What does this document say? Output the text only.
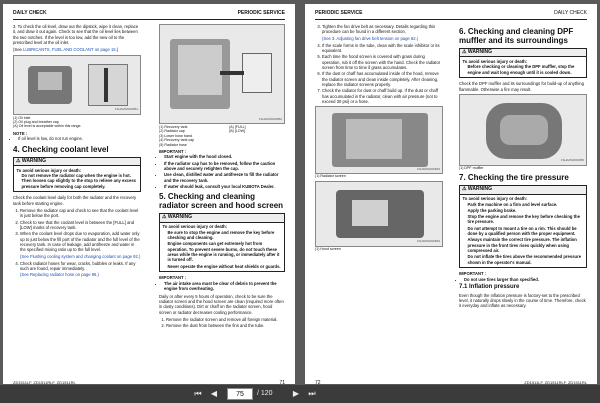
DAILY CHECK	PERIODIC SERVICE

3. To check the oil level, draw out the dipstick, wipe it clean, replace it, and draw it out again. Check to see that the oil level lies between the two notches. If the level is too low, add the new oil to the prescribed level at the oil inlet.

(See LUBRICANTS, FUEL AND COOLANT on page 15.)

1SHA0520004B1
(1) Oil inlet
(2) Oil plug and breather cap
(A) Oil level is acceptable within this range.
NOTE :
• If oil level is low, do not run engine.
4. Checking coolant level
⚠ WARNING
To avoid serious injury or death:
• Do not remove the radiator cap when the engine is hot. Then loosen cap slightly to the stop to relieve any excess pressure before removing cap completely.

Check the coolant level daily for both the radiator and the recovery tank before starting engine.

1. Remove the radiator cap and check to see that the coolant level is just below the port.
2. Check to see that the coolant level is between the [FULL] and [LOW] marks of recovery tank.
3. When the coolant level drops due to evaporation, add water only up to just below the fill port of the radiator and the full level of the recovery tank. In case of leakage, add antifreeze and water in the specified mixing ratio up to the full level.

(See Flushing cooling system and changing coolant on page 92.)

4. Check radiator hoses for wear, cracks, bubbles or leaks. If any such are found, repair immediately.

(See Replacing radiator hose on page 96.)

1SHA0520004B2
(1) Recovery tank
(2) Radiator cap
(3) Lower hose band
(4) Recovery tank cap
(5) Radiator hose
(A) [FULL]
(B) [LOW]
IMPORTANT :
• Start engine with the hood closed.
• If the radiator cap has to be removed, follow the caution above and securely retighten the cap.
• Use clean, distilled water and antifreeze to fill the radiator and the recovery tank.
• If water should leak, consult your local KUBOTA Dealer.
5. Checking and cleaning radiator screen and hood screen
⚠ WARNING
To avoid serious injury or death:
• Be sure to stop the engine and remove the key before checking and cleaning.
• Engine components can get extremely hot from operation. To prevent severe burns, do not touch these areas while the engine is running, or immediately after it is turned off.
• Never operate the engine without heat shields or guards.
IMPORTANT :
• The air intake area must be clear of debris to prevent the engine from overheating.

Daily or after every 5 hours of operation, check to be sure the radiator screen and the hood screen are clean (required more often in dusty conditions). Dirt or chaff on the radiator screen, hood screen or radiator decreases cooling performance.

1. Remove the radiator screen and remove all foreign material.
2. Remove the dust from between the fins and the tube.
ZD1511LF, ZD1511RLF, ZD1511RL	71
PERIODIC SERVICE	DAILY CHECK
3. Tighten the fan drive belt as necessary. Details regarding this procedure can be found in a different section.

(See 3. Adjusting fan drive belt tension on page 82.)

4. If the scale forms in the tube, clean with the scale inhibitor or its equivalent.
5. Each time the hood screen is covered with grass during operation, rub it off the screen with the hand. Check the radiator screen from time to time if grass accumulates.
6. If the dust or chaff has accumulated inside of the hood, remove the radiator screen and clean inside completely. After cleaning, replace the radiator screens properly.
7. Check the radiator for dust or chaff build up. If the dust or chaff has accumulated in the radiator, clean with air pressure (not to exceed 30 psi) or a hose.
1SHA0520004B3
(1) Radiator screen
1SHA0520004B4
(1) Hood screen
6. Checking and cleaning DPF muffler and its surroundings
⚠ WARNING
To avoid serious injury or death:
• Before checking or cleaning the DPF muffler, stop the engine and wait long enough until it is cooled down.

Check the DPF muffler and its surroundings for build-up of anything flammable. Otherwise a fire may result.

1SHA0520004B5
(1) DPF muffler
7. Checking the tire pressure
⚠ WARNING
To avoid serious injury or death:
• Park the machine on a firm and level surface.
• Apply the parking brake.
• Stop the engine and remove the key before checking the tire pressure.
• Do not attempt to mount a tire on a rim. This should be done by a qualified person with the proper equipment.
• Always maintain the correct tire pressure. The inflation pressure in the front tires rises quickly when using compressed air.
• Do not inflate the tires above the recommended pressure shown in the operator's manual.
IMPORTANT :
• Do not use tires larger than specified.
7.1 Inflation pressure

Even though the inflation pressure is factory-set to the prescribed level, it naturally drops slowly in the course of time. Therefore, check it everyday and inflate as necessary.

72	ZD1511LF, ZD1511RLF, ZD1511RL
⏮	◀
75	/ 120	▶	⏭
